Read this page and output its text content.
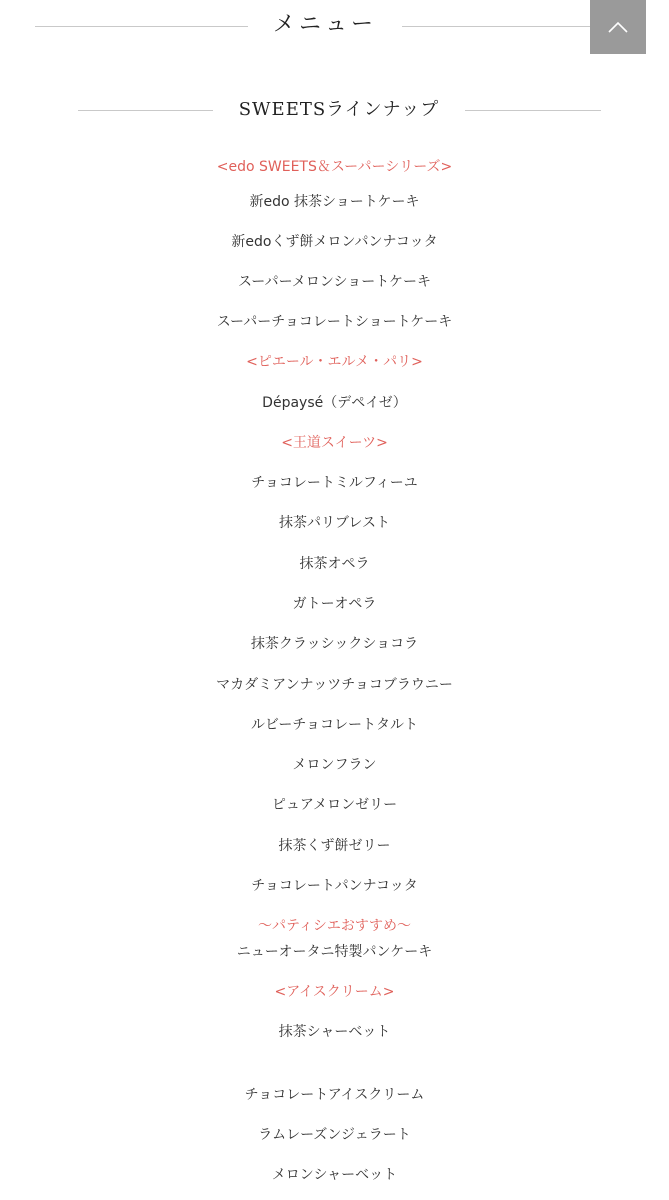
メニュー
SWEETSラインナップ
<edo SWEETS＆スーパーシリーズ>
新edo 抹茶ショートケーキ
新edoくず餅メロンパンナコッタ
スーパーメロンショートケーキ
スーパーチョコレートショートケーキ
<ピエール・エルメ・パリ>
Dépaysé（デペイゼ）
<王道スイーツ>
チョコレートミルフィーユ
抹茶パリブレスト
抹茶オペラ
ガトーオペラ
抹茶クラッシックショコラ
マカダミアンナッツチョコブラウニー
ルビーチョコレートタルト
メロンフラン
ピュアメロンゼリー
抹茶くず餅ゼリー
チョコレートパンナコッタ
〜パティシエおすすめ〜
ニューオータニ特製パンケーキ
<アイスクリーム>
抹茶シャーベット
チョコレートアイスクリーム
ラムレーズンジェラート
メロンシャーベット
